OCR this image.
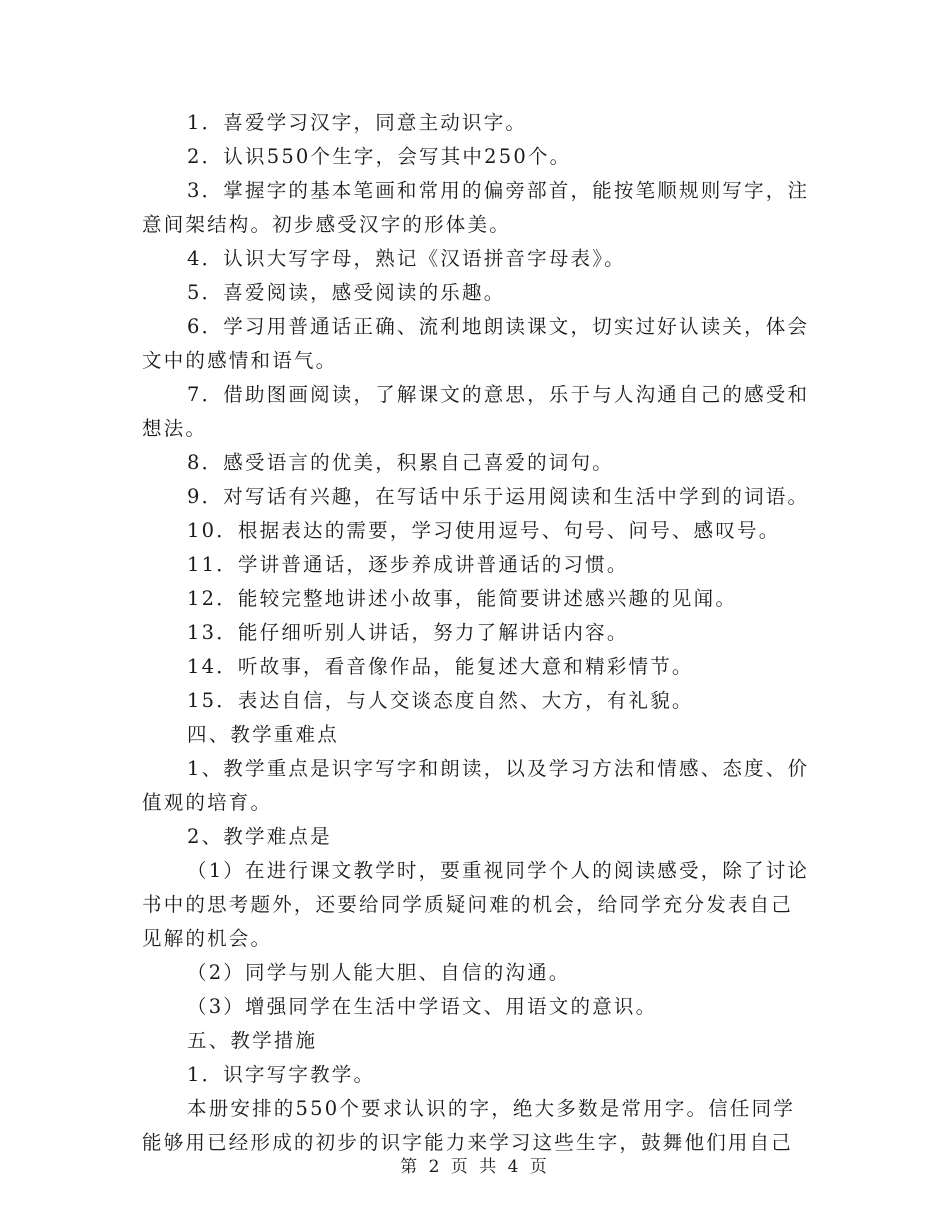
1．喜爱学习汉字，同意主动识字。
2．认识550个生字，会写其中250个。
3．掌握字的基本笔画和常用的偏旁部首，能按笔顺规则写字，注
意间架结构。初步感受汉字的形体美。
4．认识大写字母，熟记《汉语拼音字母表》。
5．喜爱阅读，感受阅读的乐趣。
6．学习用普通话正确、流利地朗读课文，切实过好认读关，体会
文中的感情和语气。
7．借助图画阅读，了解课文的意思，乐于与人沟通自己的感受和
想法。
8．感受语言的优美，积累自己喜爱的词句。
9．对写话有兴趣，在写话中乐于运用阅读和生活中学到的词语。
10．根据表达的需要，学习使用逗号、句号、问号、感叹号。
11．学讲普通话，逐步养成讲普通话的习惯。
12．能较完整地讲述小故事，能简要讲述感兴趣的见闻。
13．能仔细听别人讲话，努力了解讲话内容。
14．听故事，看音像作品，能复述大意和精彩情节。
15．表达自信，与人交谈态度自然、大方，有礼貌。
四、教学重难点
1、教学重点是识字写字和朗读，以及学习方法和情感、态度、价
值观的培育。
2、教学难点是
（1）在进行课文教学时，要重视同学个人的阅读感受，除了讨论
书中的思考题外，还要给同学质疑问难的机会，给同学充分发表自己
见解的机会。
（2）同学与别人能大胆、自信的沟通。
（3）增强同学在生活中学语文、用语文的意识。
五、教学措施
1．识字写字教学。
本册安排的550个要求认识的字，绝大多数是常用字。信任同学
能够用已经形成的初步的识字能力来学习这些生字，鼓舞他们用自己
第 2 页 共 4 页
